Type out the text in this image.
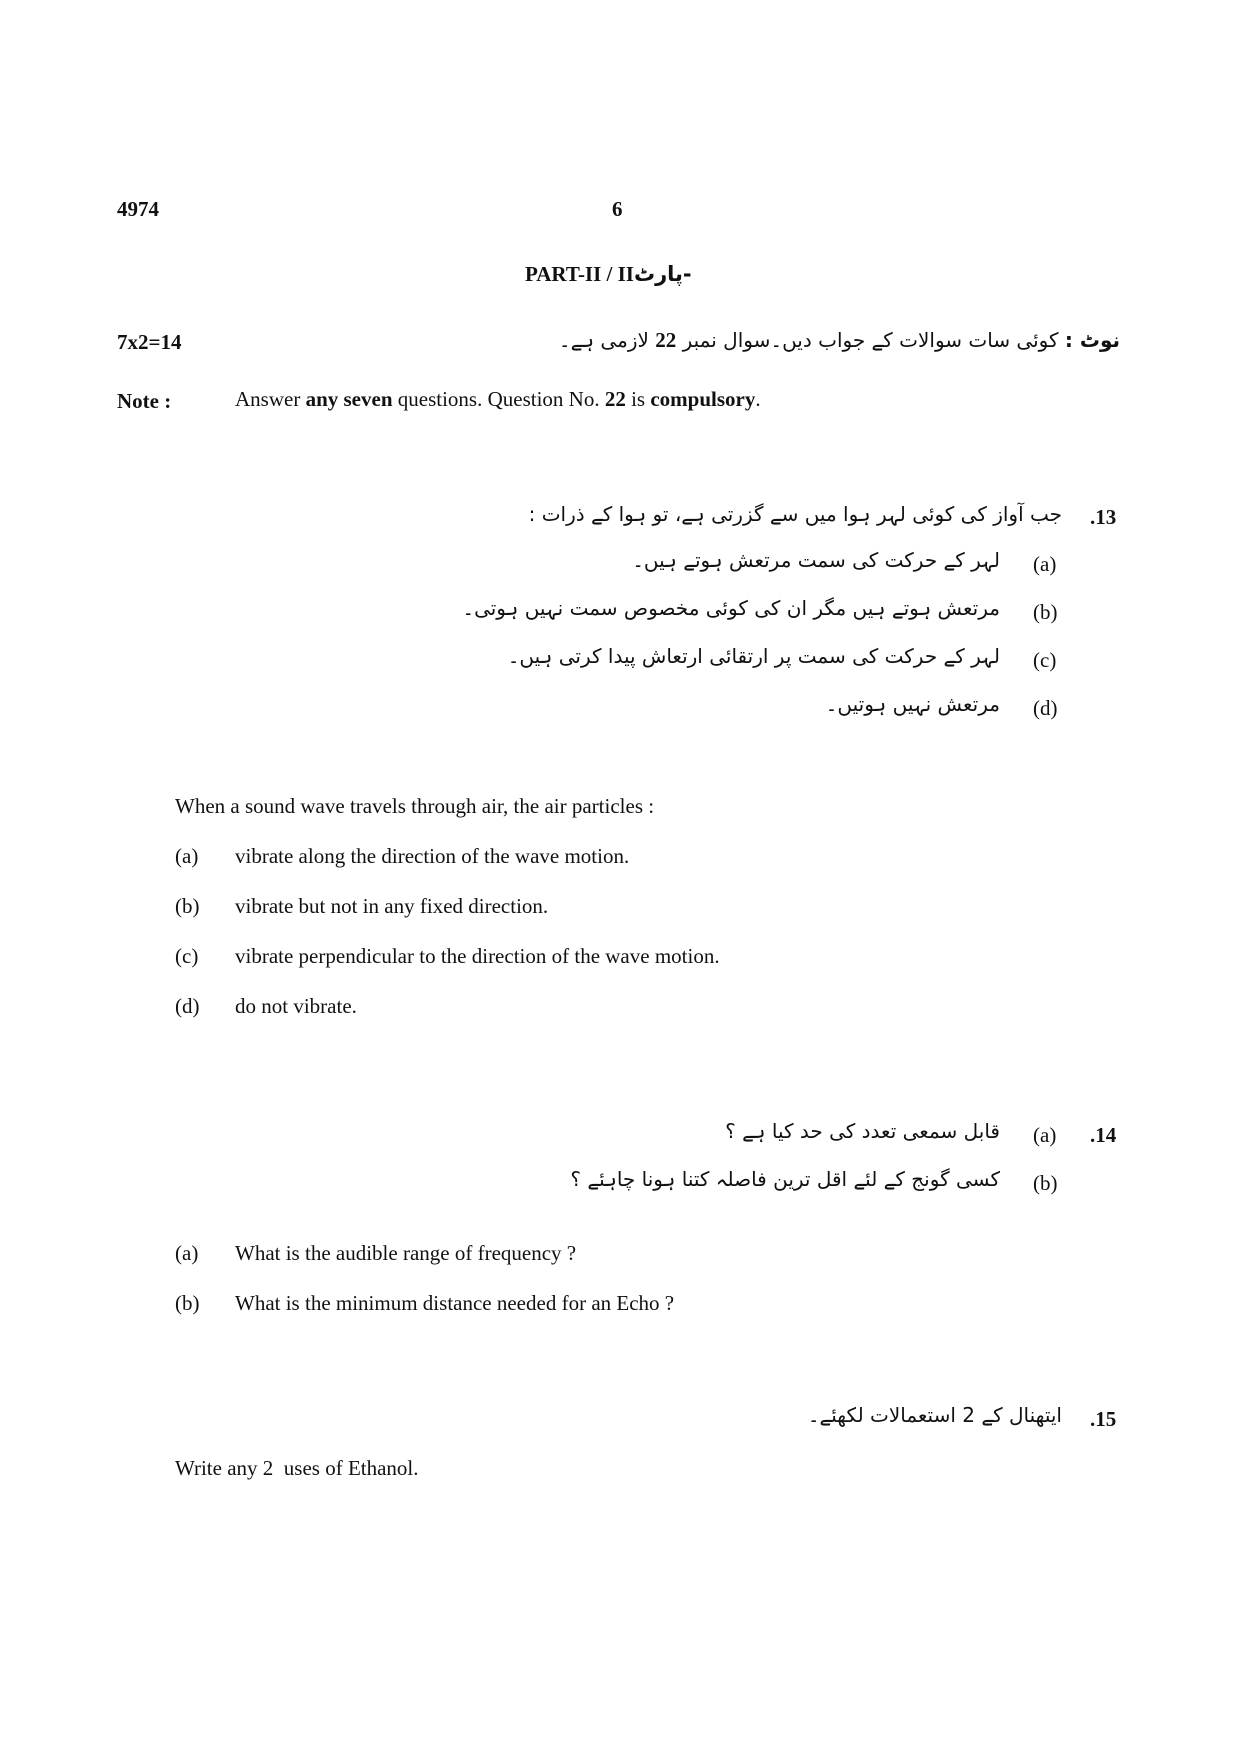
4974	6
PART-II / II-پارٹ
7x2=14	نوٹ : کوئی سات سوالات کے جواب دیں۔سوال نمبر 22 لازمی ہے۔
Note :	Answer any seven questions. Question No. 22 is compulsory.
.13
جب آواز کی کوئی لہر ہوا میں سے گزرتی ہے، تو ہوا کے ذرات :
(a)
لہر کے حرکت کی سمت مرتعش ہوتے ہیں۔
(b)
مرتعش ہوتے ہیں مگر ان کی کوئی مخصوص سمت نہیں ہوتی۔
(c)
لہر کے حرکت کی سمت پر ارتقائی ارتعاش پیدا کرتی ہیں۔
(d)
مرتعش نہیں ہوتیں۔
When a sound wave travels through air, the air particles :
(a) vibrate along the direction of the wave motion.
(b) vibrate but not in any fixed direction.
(c) vibrate perpendicular to the direction of the wave motion.
(d) do not vibrate.
.14
(a)
قابل سمعی تعدد کی حد کیا ہے ؟
(b)
کسی گونج کے لئے اقل ترین فاصلہ کتنا ہونا چاہئے ؟
(a) What is the audible range of frequency ?
(b) What is the minimum distance needed for an Echo ?
.15
ایتھنال کے 2 استعمالات لکھئے۔
Write any 2  uses of Ethanol.
